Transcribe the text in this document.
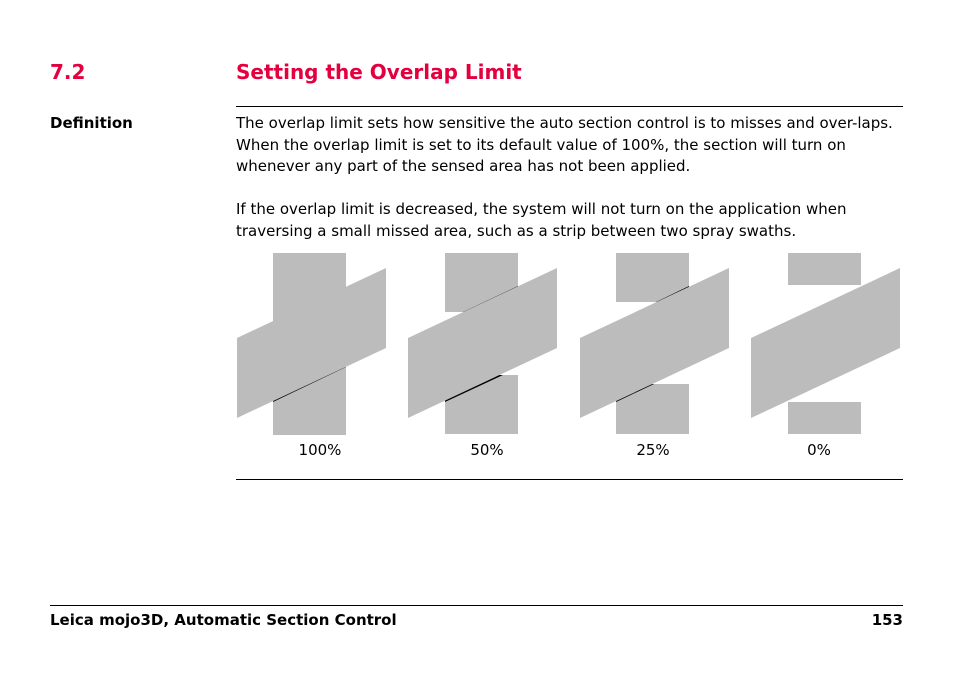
7.2	Setting the Overlap Limit
Definition	The overlap limit sets how sensitive the auto section control is to misses and over-laps. When the overlap limit is set to its default value of 100%, the section will turn on whenever any part of the sensed area has not been applied.

If the overlap limit is decreased, the system will not turn on the application when traversing a small missed area, such as a strip between two spray swaths.

100%	50%	25%	0%
Leica mojo3D, Automatic Section Control	153
